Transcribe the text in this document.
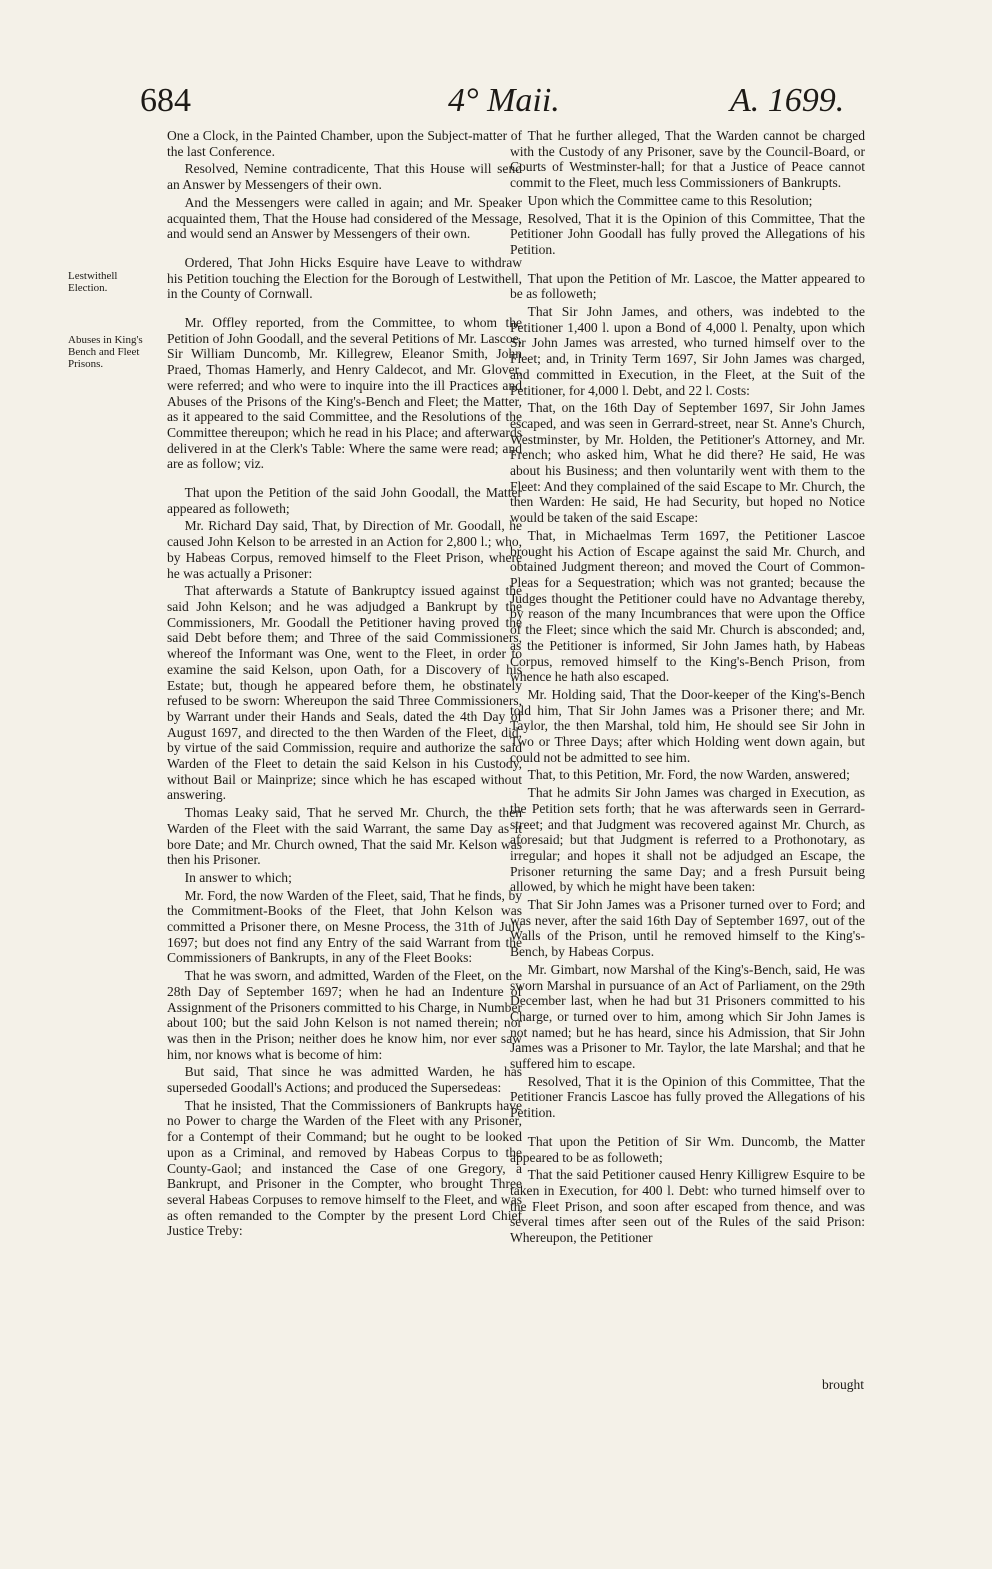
684	4° Maii.	A. 1699.
Lestwithell Election.
Abuses in King's Bench and Fleet Prisons.

One a Clock, in the Painted Chamber, upon the Subject-matter of the last Conference.

Resolved, Nemine contradicente, That this House will send an Answer by Messengers of their own.

And the Messengers were called in again; and Mr. Speaker acquainted them, That the House had considered of the Message, and would send an Answer by Messengers of their own.

Ordered, That John Hicks Esquire have Leave to withdraw his Petition touching the Election for the Borough of Lestwithell, in the County of Cornwall.

Mr. Offley reported, from the Committee, to whom the Petition of John Goodall, and the several Petitions of Mr. Lascoe, Sir William Duncomb, Mr. Killegrew, Eleanor Smith, John Praed, Thomas Hamerly, and Henry Caldecot, and Mr. Glover, were referred; and who were to inquire into the ill Practices and Abuses of the Prisons of the King's-Bench and Fleet; the Matter, as it appeared to the said Committee, and the Resolutions of the Committee thereupon; which he read in his Place; and afterwards delivered in at the Clerk's Table: Where the same were read; and are as follow; viz.

That upon the Petition of the said John Goodall, the Matter appeared as followeth;

Mr. Richard Day said, That, by Direction of Mr. Goodall, he caused John Kelson to be arrested in an Action for 2,800 l.; who, by Habeas Corpus, removed himself to the Fleet Prison, where he was actually a Prisoner:

That afterwards a Statute of Bankruptcy issued against the said John Kelson; and he was adjudged a Bankrupt by the Commissioners, Mr. Goodall the Petitioner having proved the said Debt before them; and Three of the said Commissioners, whereof the Informant was One, went to the Fleet, in order to examine the said Kelson, upon Oath, for a Discovery of his Estate; but, though he appeared before them, he obstinately refused to be sworn: Whereupon the said Three Commissioners, by Warrant under their Hands and Seals, dated the 4th Day of August 1697, and directed to the then Warden of the Fleet, did, by virtue of the said Commission, require and authorize the said Warden of the Fleet to detain the said Kelson in his Custody, without Bail or Mainprize; since which he has escaped without answering.

Thomas Leaky said, That he served Mr. Church, the then Warden of the Fleet with the said Warrant, the same Day as it bore Date; and Mr. Church owned, That the said Mr. Kelson was then his Prisoner.

In answer to which;

Mr. Ford, the now Warden of the Fleet, said, That he finds, by the Commitment-Books of the Fleet, that John Kelson was committed a Prisoner there, on Mesne Process, the 31th of July 1697; but does not find any Entry of the said Warrant from the Commissioners of Bankrupts, in any of the Fleet Books:

That he was sworn, and admitted, Warden of the Fleet, on the 28th Day of September 1697; when he had an Indenture of Assignment of the Prisoners committed to his Charge, in Number about 100; but the said John Kelson is not named therein; nor was then in the Prison; neither does he know him, nor ever saw him, nor knows what is become of him:

But said, That since he was admitted Warden, he has superseded Goodall's Actions; and produced the Supersedeas:

That he insisted, That the Commissioners of Bankrupts have no Power to charge the Warden of the Fleet with any Prisoner, for a Contempt of their Command; but he ought to be looked upon as a Criminal, and removed by Habeas Corpus to the County-Gaol; and instanced the Case of one Gregory, a Bankrupt, and Prisoner in the Compter, who brought Three several Habeas Corpuses to remove himself to the Fleet, and was as often remanded to the Compter by the present Lord Chief Justice Treby:

That he further alleged, That the Warden cannot be charged with the Custody of any Prisoner, save by the Council-Board, or Courts of Westminster-hall; for that a Justice of Peace cannot commit to the Fleet, much less Commissioners of Bankrupts.

Upon which the Committee came to this Resolution;

Resolved, That it is the Opinion of this Committee, That the Petitioner John Goodall has fully proved the Allegations of his Petition.

That upon the Petition of Mr. Lascoe, the Matter appeared to be as followeth;

That Sir John James, and others, was indebted to the Petitioner 1,400 l. upon a Bond of 4,000 l. Penalty, upon which Sir John James was arrested, who turned himself over to the Fleet; and, in Trinity Term 1697, Sir John James was charged, and committed in Execution, in the Fleet, at the Suit of the Petitioner, for 4,000 l. Debt, and 22 l. Costs:

That, on the 16th Day of September 1697, Sir John James escaped, and was seen in Gerrard-street, near St. Anne's Church, Westminster, by Mr. Holden, the Petitioner's Attorney, and Mr. French; who asked him, What he did there? He said, He was about his Business; and then voluntarily went with them to the Fleet: And they complained of the said Escape to Mr. Church, the then Warden: He said, He had Security, but hoped no Notice would be taken of the said Escape:

That, in Michaelmas Term 1697, the Petitioner Lascoe brought his Action of Escape against the said Mr. Church, and obtained Judgment thereon; and moved the Court of Common-Pleas for a Sequestration; which was not granted; because the Judges thought the Petitioner could have no Advantage thereby, by reason of the many Incumbrances that were upon the Office of the Fleet; since which the said Mr. Church is absconded; and, as the Petitioner is informed, Sir John James hath, by Habeas Corpus, removed himself to the King's-Bench Prison, from whence he hath also escaped.

Mr. Holding said, That the Door-keeper of the King's-Bench told him, That Sir John James was a Prisoner there; and Mr. Taylor, the then Marshal, told him, He should see Sir John in Two or Three Days; after which Holding went down again, but could not be admitted to see him.

That, to this Petition, Mr. Ford, the now Warden, answered;

That he admits Sir John James was charged in Execution, as the Petition sets forth; that he was afterwards seen in Gerrard-street; and that Judgment was recovered against Mr. Church, as aforesaid; but that Judgment is referred to a Prothonotary, as irregular; and hopes it shall not be adjudged an Escape, the Prisoner returning the same Day; and a fresh Pursuit being allowed, by which he might have been taken:

That Sir John James was a Prisoner turned over to Ford; and was never, after the said 16th Day of September 1697, out of the Walls of the Prison, until he removed himself to the King's-Bench, by Habeas Corpus.

Mr. Gimbart, now Marshal of the King's-Bench, said, He was sworn Marshal in pursuance of an Act of Parliament, on the 29th December last, when he had but 31 Prisoners committed to his Charge, or turned over to him, among which Sir John James is not named; but he has heard, since his Admission, that Sir John James was a Prisoner to Mr. Taylor, the late Marshal; and that he suffered him to escape.

Resolved, That it is the Opinion of this Committee, That the Petitioner Francis Lascoe has fully proved the Allegations of his Petition.

That upon the Petition of Sir Wm. Duncomb, the Matter appeared to be as followeth;

That the said Petitioner caused Henry Killigrew Esquire to be taken in Execution, for 400 l. Debt: who turned himself over to the Fleet Prison, and soon after escaped from thence, and was several times after seen out of the Rules of the said Prison: Whereupon, the Petitioner

brought
